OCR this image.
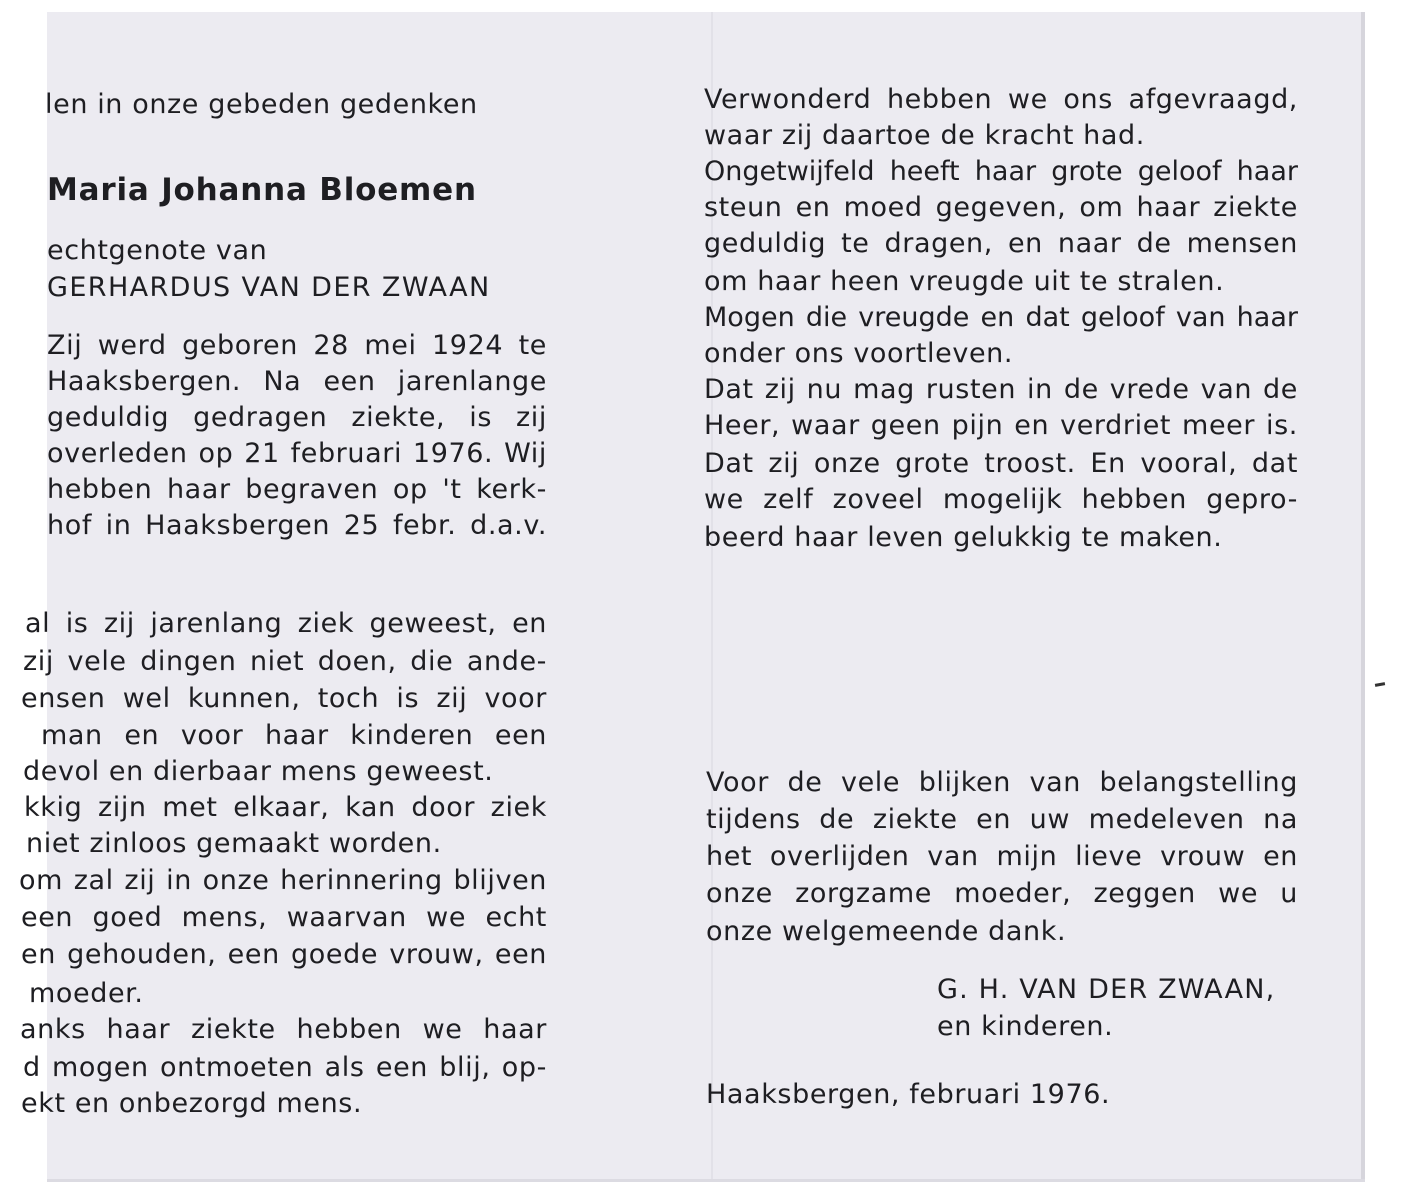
len in onze gebeden gedenken
Maria Johanna Bloemen
echtgenote van
GERHARDUS VAN DER ZWAAN
Zij werd geboren 28 mei 1924 te
Haaksbergen. Na een jarenlange
geduldig gedragen ziekte, is zij
overleden op 21 februari 1976. Wij
hebben haar begraven op 't kerk-
hof in Haaksbergen 25 febr. d.a.v.
al is zij jarenlang ziek geweest, en
zij vele dingen niet doen, die ande-
ensen wel kunnen, toch is zij voor
man en voor haar kinderen een
devol en dierbaar mens geweest.
kkig zijn met elkaar, kan door ziek
niet zinloos gemaakt worden.
om zal zij in onze herinnering blijven
een goed mens, waarvan we echt
en gehouden, een goede vrouw, een
moeder.
anks haar ziekte hebben we haar
d mogen ontmoeten als een blij, op-
ekt en onbezorgd mens.
Verwonderd hebben we ons afgevraagd,
waar zij daartoe de kracht had.
Ongetwijfeld heeft haar grote geloof haar
steun en moed gegeven, om haar ziekte
geduldig te dragen, en naar de mensen
om haar heen vreugde uit te stralen.
Mogen die vreugde en dat geloof van haar
onder ons voortleven.
Dat zij nu mag rusten in de vrede van de
Heer, waar geen pijn en verdriet meer is.
Dat zij onze grote troost. En vooral, dat
we zelf zoveel mogelijk hebben gepro-
beerd haar leven gelukkig te maken.
Voor de vele blijken van belangstelling
tijdens de ziekte en uw medeleven na
het overlijden van mijn lieve vrouw en
onze zorgzame moeder, zeggen we u
onze welgemeende dank.
G. H. VAN DER ZWAAN,
en kinderen.
Haaksbergen, februari 1976.
